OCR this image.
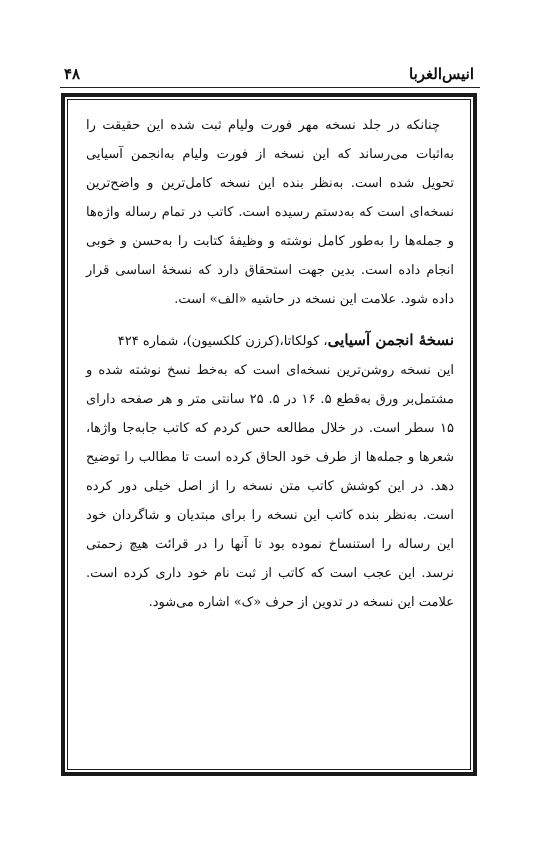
انیس‌الغربا
۴۸

چنانکه در جلد نسخه مهر فورت ولیام ثبت شده این حقیقت را به‌اثبات می‌رساند که این نسخه از فورت ولیام به‌انجمن آسیایی تحویل شده است. به‌نظر بنده این نسخه کامل‌ترین و واضح‌ترین نسخه‌ای است که به‌دستم رسیده است. کاتب در تمام رساله واژه‌ها و جمله‌ها را به‌طور کامل نوشته و وظیفهٔ کتابت را به‌حسن و خوبی انجام داده است. بدین جهت استحقاق دارد که نسخهٔ اساسی قرار داده شود. علامت این نسخه در حاشیه «الف» است.

نسخهٔ انجمن آسیایی، کولکاتا،(کرزن کلکسیون)، شماره ۴۲۴
این نسخه روشن‌ترین نسخه‌ای است که به‌خط نسخ نوشته شده و مشتمل‌بر ورق به‌قطع ۵. ۱۶ در ۵. ۲۵ سانتی متر و هر صفحه دارای ۱۵ سطر است. در خلال مطالعه حس کردم که کاتب جابه‌جا واژها، شعرها و جمله‌ها از طرف خود الحاق کرده است تا مطالب را توضیح دهد. در این کوشش کاتب متن نسخه را از اصل خیلی دور کرده است. به‌نظر بنده کاتب این نسخه را برای مبتدیان و شاگردان خود این رساله را استنساخ نموده بود تا آنها را در قرائت هیچ زحمتی نرسد. این عجب است که کاتب از ثبت نام خود داری کرده است. علامت این نسخه در تدوین از حرف «ک» اشاره می‌شود.
